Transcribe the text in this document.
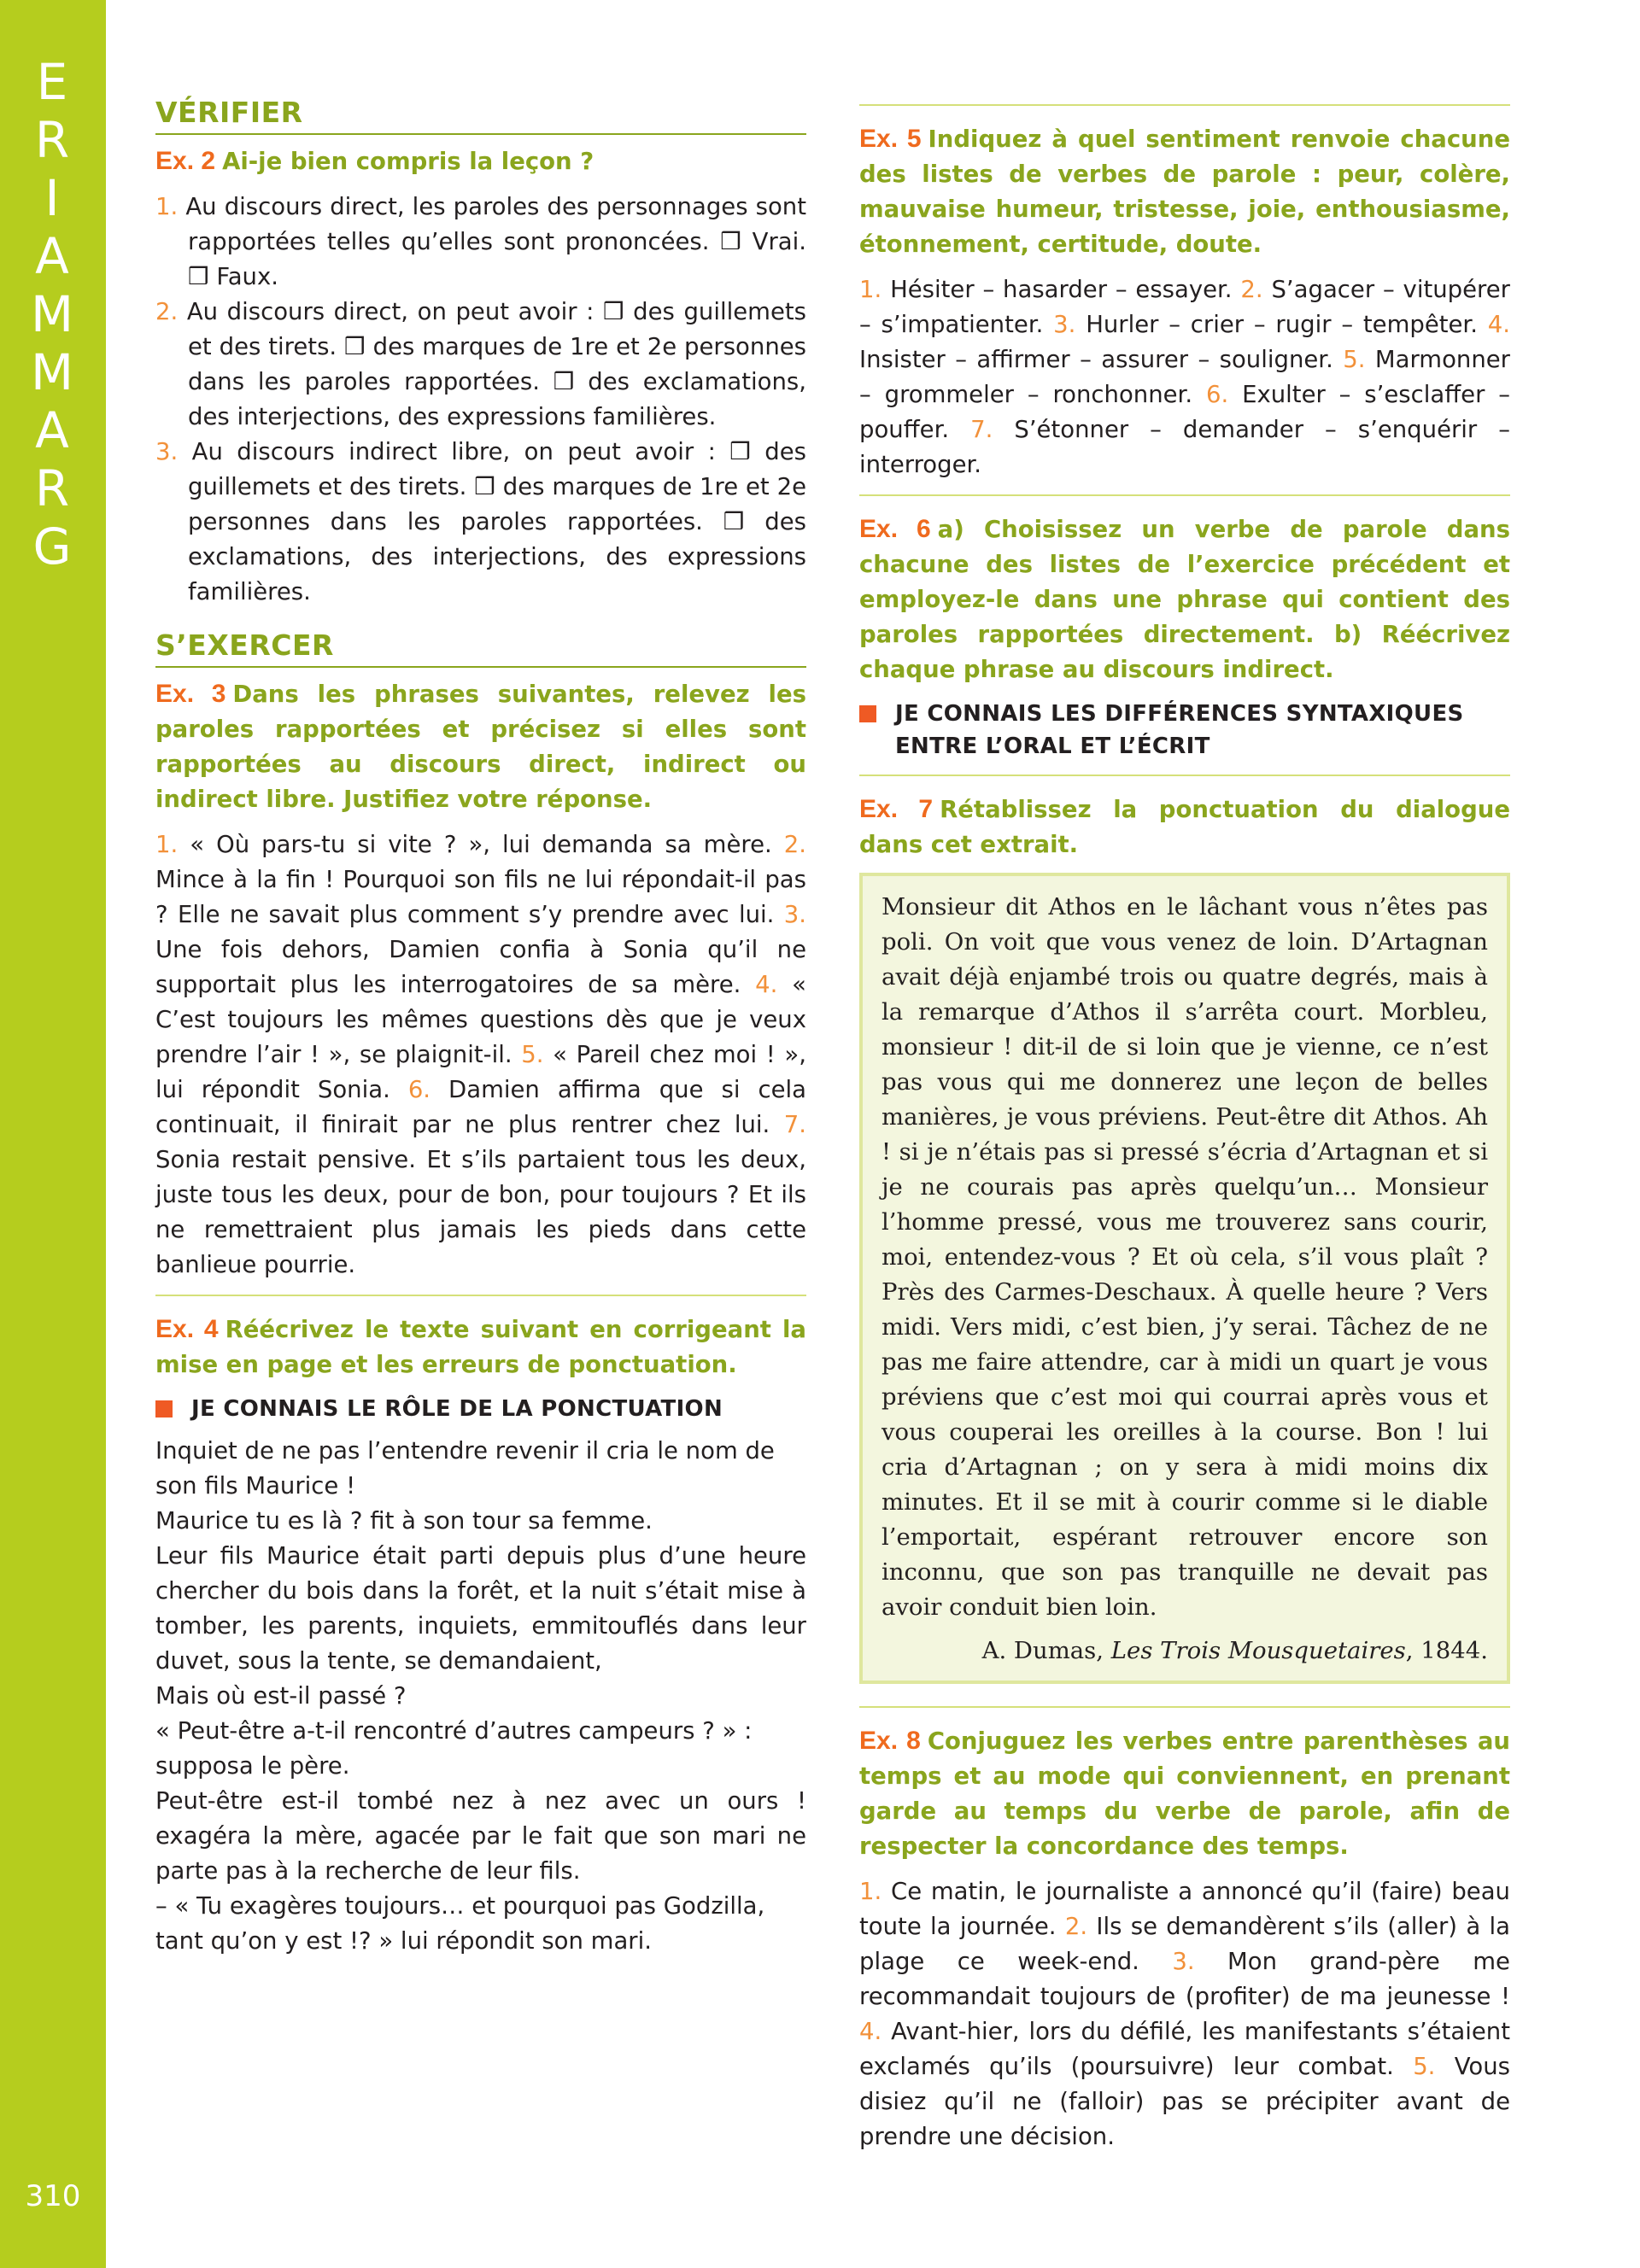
E
R
I
A
M
M
A
R
G
310
VÉRIFIER
Ex. 2 Ai-je bien compris la leçon ?

1. Au discours direct, les paroles des personnages sont rapportées telles qu’elles sont prononcées. ❒ Vrai. ❒ Faux.

2. Au discours direct, on peut avoir : ❒ des guillemets et des tirets. ❒ des marques de 1re et 2e personnes dans les paroles rapportées. ❒ des exclamations, des interjections, des expressions familières.

3. Au discours indirect libre, on peut avoir : ❒ des guillemets et des tirets. ❒ des marques de 1re et 2e personnes dans les paroles rapportées. ❒ des exclamations, des interjections, des expressions familières.

S’EXERCER
Ex. 3 Dans les phrases suivantes, relevez les paroles rapportées et précisez si elles sont rapportées au discours direct, indirect ou indirect libre. Justifiez votre réponse.

1. « Où pars-tu si vite ? », lui demanda sa mère. 2. Mince à la fin ! Pourquoi son fils ne lui répondait-il pas ? Elle ne savait plus comment s’y prendre avec lui. 3. Une fois dehors, Damien confia à Sonia qu’il ne supportait plus les interrogatoires de sa mère. 4. « C’est toujours les mêmes questions dès que je veux prendre l’air ! », se plaignit-il. 5. « Pareil chez moi ! », lui répondit Sonia. 6. Damien affirma que si cela continuait, il finirait par ne plus rentrer chez lui. 7. Sonia restait pensive. Et s’ils partaient tous les deux, juste tous les deux, pour de bon, pour toujours ? Et ils ne remettraient plus jamais les pieds dans cette banlieue pourrie.

Ex. 4 Réécrivez le texte suivant en corrigeant la mise en page et les erreurs de ponctuation.
JE CONNAIS LE RÔLE DE LA PONCTUATION

Inquiet de ne pas l’entendre revenir il cria le nom de son fils Maurice !

Maurice tu es là ? fit à son tour sa femme.

Leur fils Maurice était parti depuis plus d’une heure chercher du bois dans la forêt, et la nuit s’était mise à tomber, les parents, inquiets, emmitouflés dans leur duvet, sous la tente, se demandaient,

Mais où est-il passé ?

« Peut-être a-t-il rencontré d’autres campeurs ? » : supposa le père.

Peut-être est-il tombé nez à nez avec un ours ! exagéra la mère, agacée par le fait que son mari ne parte pas à la recherche de leur fils.

– « Tu exagères toujours… et pourquoi pas Godzilla, tant qu’on y est !? » lui répondit son mari.

Ex. 5 Indiquez à quel sentiment renvoie chacune des listes de verbes de parole : peur, colère, mauvaise humeur, tristesse, joie, enthousiasme, étonnement, certitude, doute.

1. Hésiter – hasarder – essayer. 2. S’agacer – vitupérer – s’impatienter. 3. Hurler – crier – rugir – tempêter. 4. Insister – affirmer – assurer – souligner. 5. Marmonner – grommeler – ronchonner. 6. Exulter – s’esclaffer – pouffer. 7. S’étonner – demander – s’enquérir – interroger.

Ex. 6 a) Choisissez un verbe de parole dans chacune des listes de l’exercice précédent et employez-le dans une phrase qui contient des paroles rapportées directement. b) Réécrivez chaque phrase au discours indirect.
JE CONNAIS LES DIFFÉRENCES SYNTAXIQUES ENTRE L’ORAL ET L’ÉCRIT
Ex. 7 Rétablissez la ponctuation du dialogue dans cet extrait.
Monsieur dit Athos en le lâchant vous n’êtes pas poli. On voit que vous venez de loin. D’Artagnan avait déjà enjambé trois ou quatre degrés, mais à la remarque d’Athos il s’arrêta court. Morbleu, monsieur ! dit-il de si loin que je vienne, ce n’est pas vous qui me donnerez une leçon de belles manières, je vous préviens. Peut-être dit Athos. Ah ! si je n’étais pas si pressé s’écria d’Artagnan et si je ne courais pas après quelqu’un… Monsieur l’homme pressé, vous me trouverez sans courir, moi, entendez-vous ? Et où cela, s’il vous plaît ? Près des Carmes-Deschaux. À quelle heure ? Vers midi. Vers midi, c’est bien, j’y serai. Tâchez de ne pas me faire attendre, car à midi un quart je vous préviens que c’est moi qui courrai après vous et vous couperai les oreilles à la course. Bon ! lui cria d’Artagnan ; on y sera à midi moins dix minutes. Et il se mit à courir comme si le diable l’emportait, espérant retrouver encore son inconnu, que son pas tranquille ne devait pas avoir conduit bien loin.
A. Dumas, Les Trois Mousquetaires, 1844.
Ex. 8 Conjuguez les verbes entre parenthèses au temps et au mode qui conviennent, en prenant garde au temps du verbe de parole, afin de respecter la concordance des temps.

1. Ce matin, le journaliste a annoncé qu’il (faire) beau toute la journée. 2. Ils se demandèrent s’ils (aller) à la plage ce week-end. 3. Mon grand-père me recommandait toujours de (profiter) de ma jeunesse ! 4. Avant-hier, lors du défilé, les manifestants s’étaient exclamés qu’ils (poursuivre) leur combat. 5. Vous disiez qu’il ne (falloir) pas se précipiter avant de prendre une décision.
